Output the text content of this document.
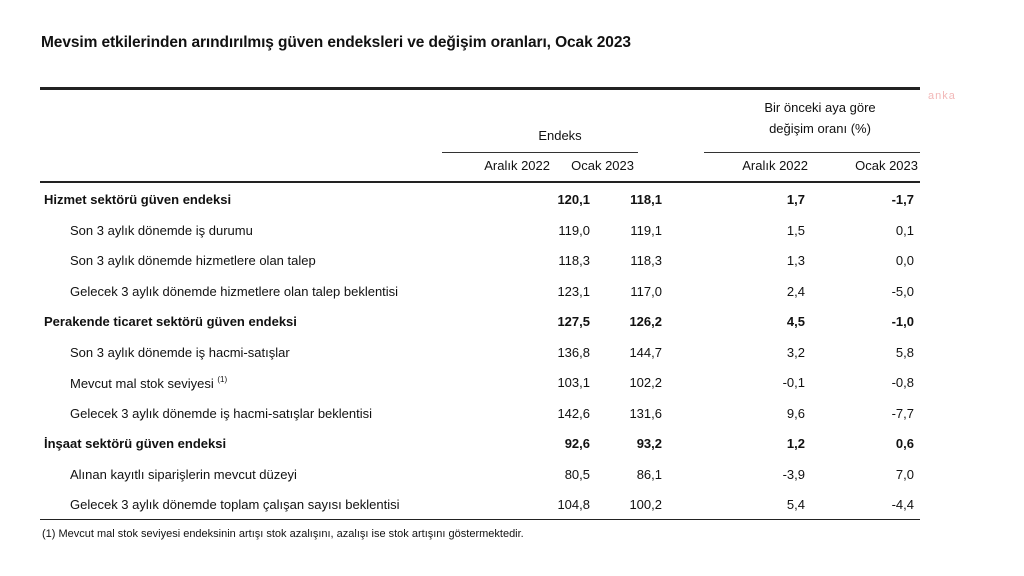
Mevsim etkilerinden arındırılmış güven endeksleri ve değişim oranları, Ocak 2023
anka
Endeks
Bir önceki aya göre
değişim oranı (%)
Aralık 2022 Ocak 2023	Aralık 2022	Ocak 2023
Hizmet sektörü güven endeksi	120,1	118,1	1,7	-1,7
Son 3 aylık dönemde iş durumu	119,0	119,1	1,5	0,1
Son 3 aylık dönemde hizmetlere olan talep	118,3	118,3	1,3	0,0
Gelecek 3 aylık dönemde hizmetlere olan talep beklentisi	123,1	117,0	2,4	-5,0
Perakende ticaret sektörü güven endeksi	127,5	126,2	4,5	-1,0
Son 3 aylık dönemde iş hacmi-satışlar	136,8	144,7	3,2	5,8
Mevcut mal stok seviyesi $^{(1)}$	103,1	102,2	-0,1	-0,8
Gelecek 3 aylık dönemde iş hacmi-satışlar beklentisi	142,6	131,6	9,6	-7,7
İnşaat sektörü güven endeksi	92,6	93,2	1,2	0,6
Alınan kayıtlı siparişlerin mevcut düzeyi	80,5	86,1	-3,9	7,0
Gelecek 3 aylık dönemde toplam çalışan sayısı beklentisi	104,8	100,2	5,4	-4,4
(1) Mevcut mal stok seviyesi endeksinin artışı stok azalışını, azalışı ise stok artışını göstermektedir.
